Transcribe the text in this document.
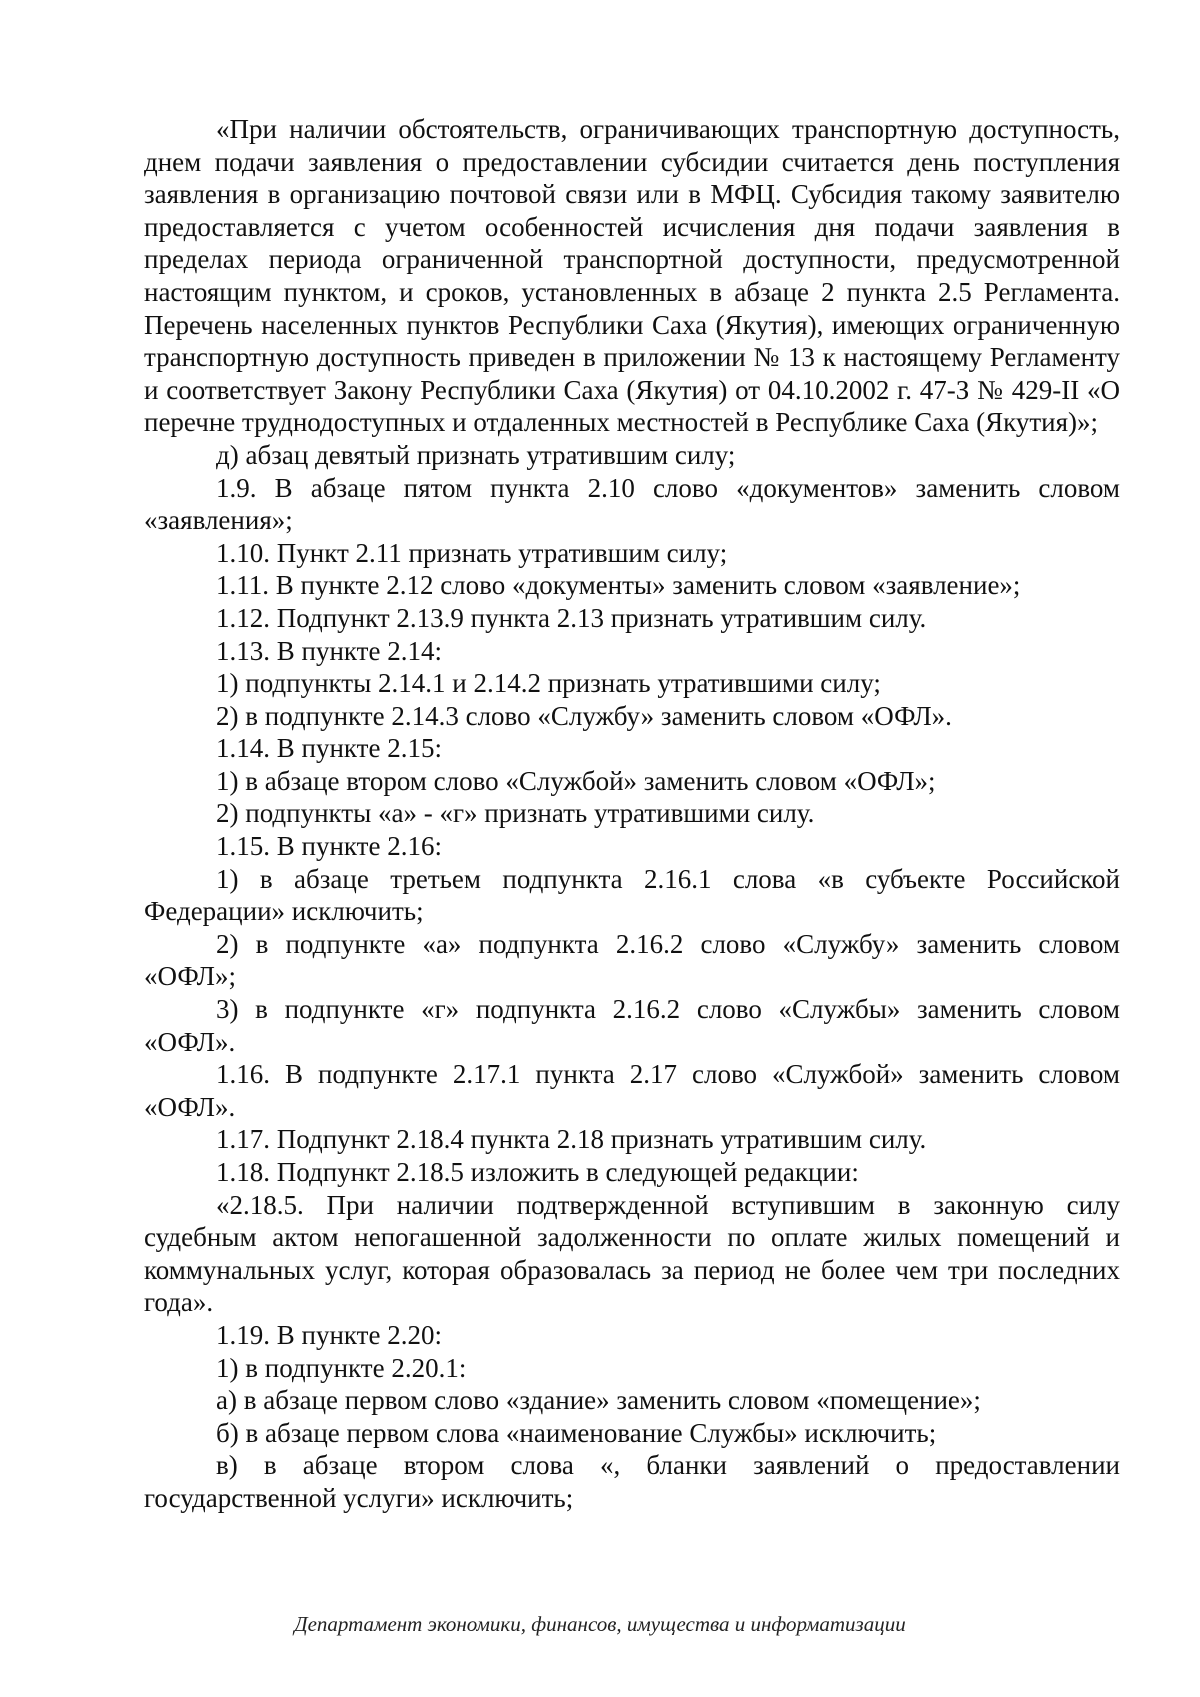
«При наличии обстоятельств, ограничивающих транспортную доступность, днем подачи заявления о предоставлении субсидии считается день поступления заявления в организацию почтовой связи или в МФЦ. Субсидия такому заявителю предоставляется с учетом особенностей исчисления дня подачи заявления в пределах периода ограниченной транспортной доступности, предусмотренной настоящим пунктом, и сроков, установленных в абзаце 2 пункта 2.5 Регламента. Перечень населенных пунктов Республики Саха (Якутия), имеющих ограниченную транспортную доступность приведен в приложении № 13 к настоящему Регламенту и соответствует Закону Республики Саха (Якутия) от 04.10.2002 г. 47-З № 429-II «О перечне труднодоступных и отдаленных местностей в Республике Саха (Якутия)»;

д) абзац девятый признать утратившим силу;

1.9. В абзаце пятом пункта 2.10 слово «документов» заменить словом «заявления»;

1.10. Пункт 2.11 признать утратившим силу;

1.11. В пункте 2.12 слово «документы» заменить словом «заявление»;

1.12. Подпункт 2.13.9 пункта 2.13 признать утратившим силу.

1.13. В пункте 2.14:

1) подпункты 2.14.1 и 2.14.2 признать утратившими силу;

2) в подпункте 2.14.3 слово «Службу» заменить словом «ОФЛ».

1.14. В пункте 2.15:

1) в абзаце втором слово «Службой» заменить словом «ОФЛ»;

2) подпункты «а» - «г» признать утратившими силу.

1.15. В пункте 2.16:

1) в абзаце третьем подпункта 2.16.1 слова «в субъекте Российской Федерации» исключить;

2) в подпункте «а» подпункта 2.16.2 слово «Службу» заменить словом «ОФЛ»;

3) в подпункте «г» подпункта 2.16.2 слово «Службы» заменить словом «ОФЛ».

1.16. В подпункте 2.17.1 пункта 2.17 слово «Службой» заменить словом «ОФЛ».

1.17. Подпункт 2.18.4 пункта 2.18 признать утратившим силу.

1.18. Подпункт 2.18.5 изложить в следующей редакции:

«2.18.5. При наличии подтвержденной вступившим в законную силу судебным актом непогашенной задолженности по оплате жилых помещений и коммунальных услуг, которая образовалась за период не более чем три последних года».

1.19. В пункте 2.20:

1) в подпункте 2.20.1:

а) в абзаце первом слово «здание» заменить словом «помещение»;

б) в абзаце первом слова «наименование Службы» исключить;

в) в абзаце втором слова «, бланки заявлений о предоставлении государственной услуги» исключить;

Департамент экономики, финансов, имущества и информатизации
